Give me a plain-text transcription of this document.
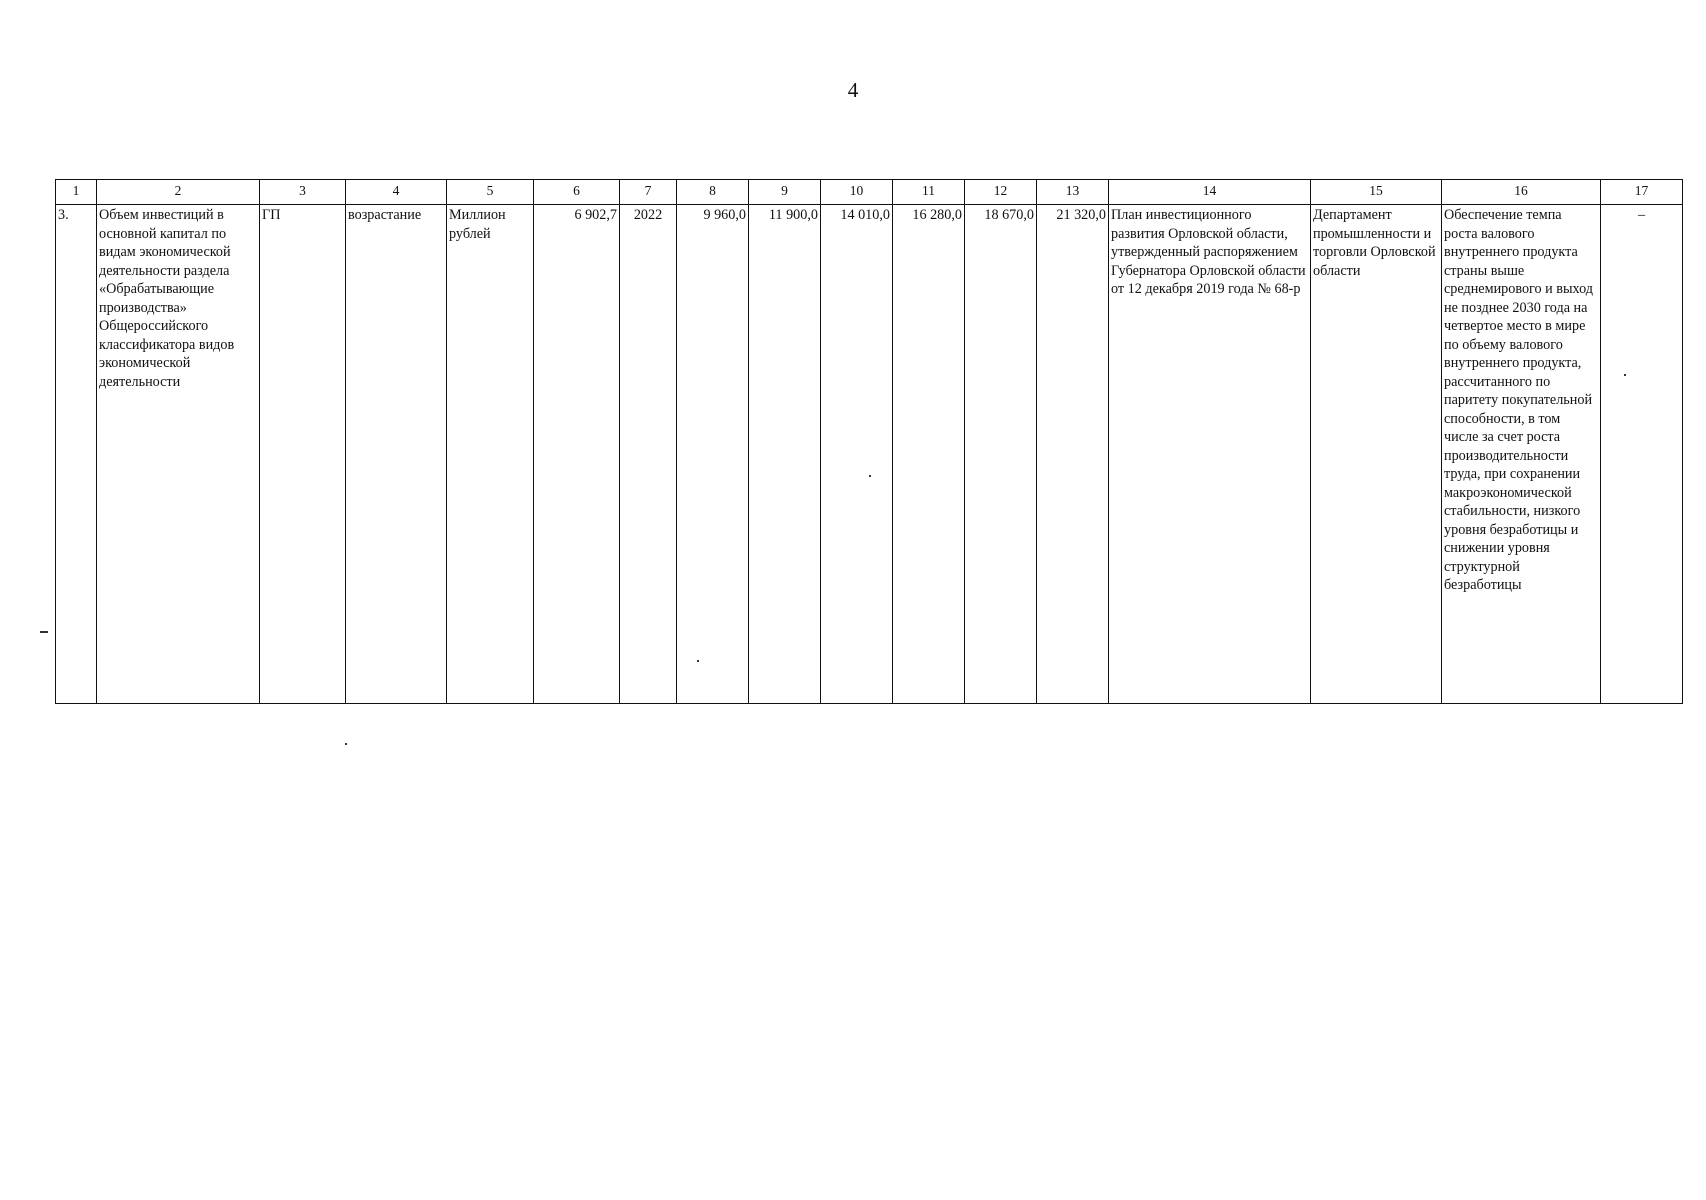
4
1	2	3	4	5	6	7	8	9	10	11	12	13	14	15	16	17
3.	Объем инвестиций в основной капитал по видам экономической деятельности раздела «Обрабатывающие производства» Общероссийского классификатора видов экономической деятельности	ГП	возрастание	Миллион рублей	6 902,7	2022	9 960,0	11 900,0	14 010,0	16 280,0	18 670,0	21 320,0	План инвестиционного развития Орловской области, утвержденный распоряжением Губернатора Орловской области от 12 декабря 2019 года № 68-р	Департамент промышленности и торговли Орловской области	Обеспечение темпа роста валового внутреннего продукта страны выше среднемирового и выход не позднее 2030 года на четвертое место в мире по объему валового внутреннего продукта, рассчитанного по паритету покупательной способности, в том числе за счет роста производительности труда, при сохранении макроэкономической стабильности, низкого уровня безработицы и снижении уровня структурной безработицы	–
